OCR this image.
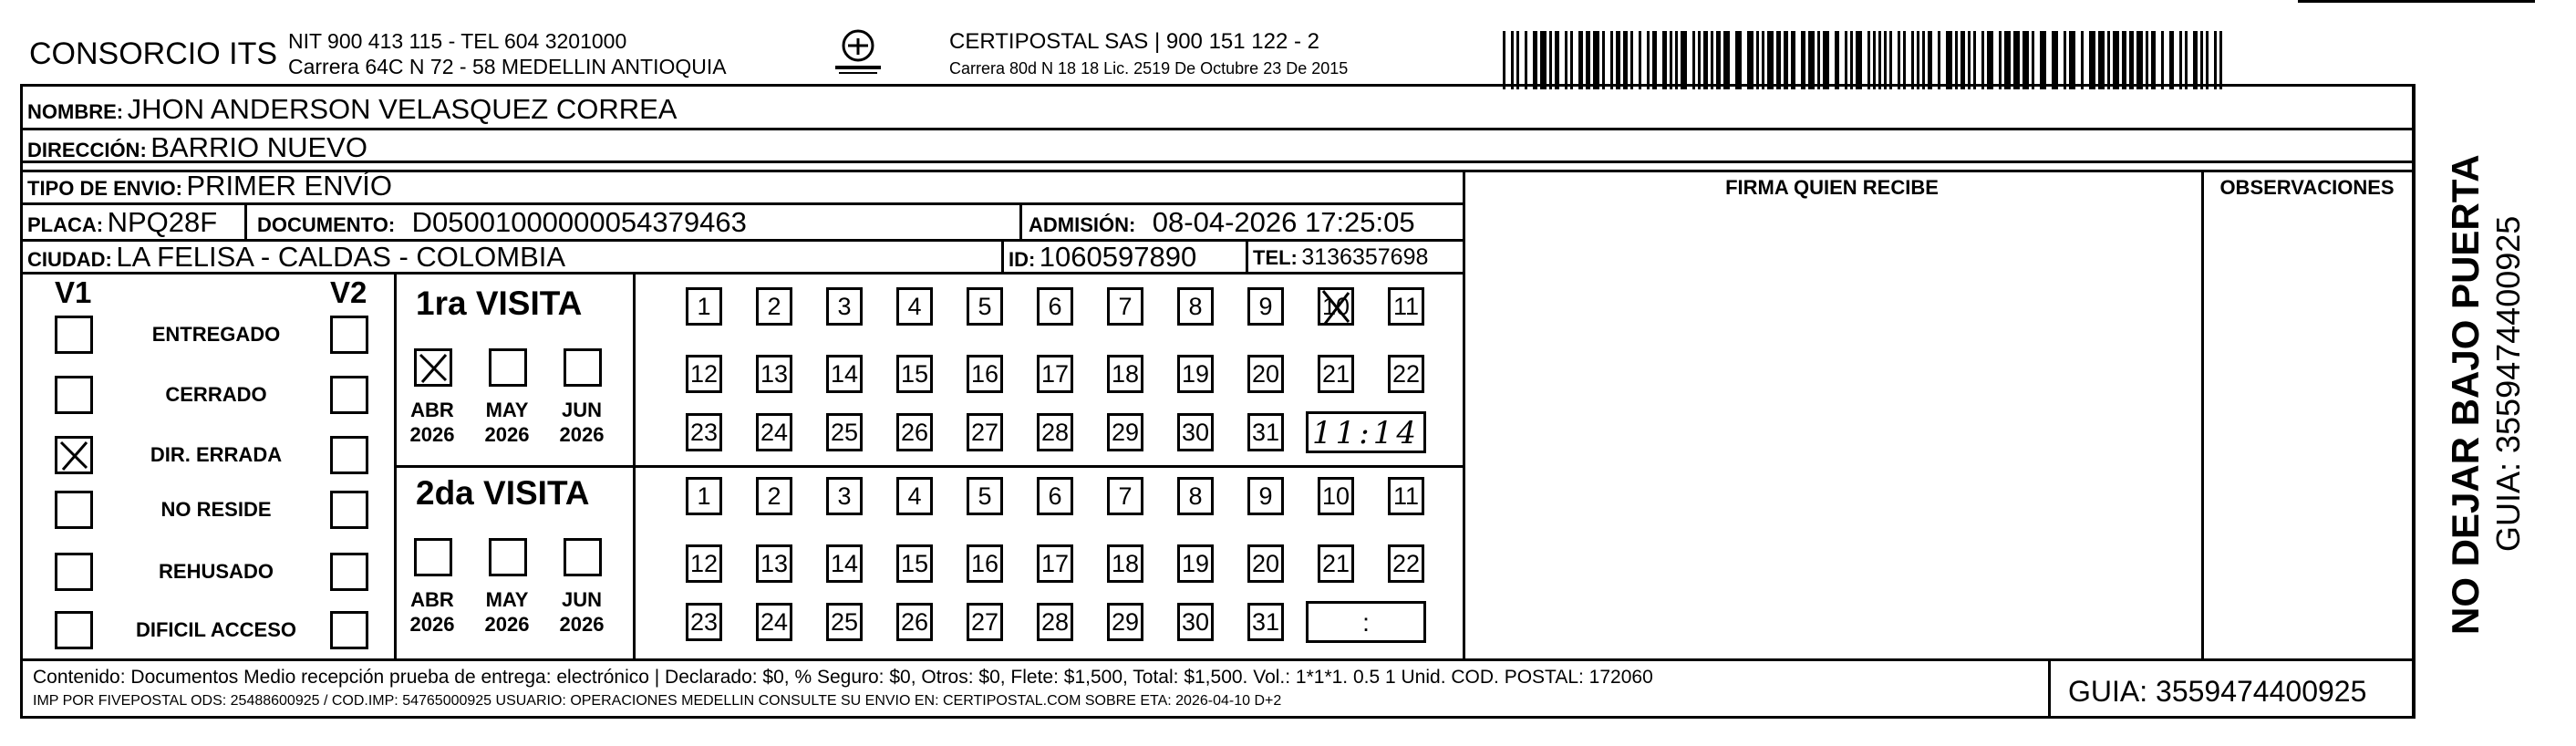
CONSORCIO ITS NIT 900 413 115 - TEL 604 3201000
Carrera 64C N 72 - 58 MEDELLIN ANTIOQUIA
CERTIPOSTAL SAS | 900 151 122 - 2
Carrera 80d N 18 18 Lic. 2519 De Octubre 23 De 2015
NOMBRE: JHON ANDERSON VELASQUEZ CORREA
DIRECCIÓN: BARRIO NUEVO
TIPO DE ENVIO: PRIMER ENVÍO
PLACA: NPQ28F DOCUMENTO: D05001000000054379463	ADMISIÓN: 08-04-2026 17:25:05
CIUDAD: LA FELISA - CALDAS - COLOMBIA	ID: 1060597890	TEL: 3136357698
FIRMA QUIEN RECIBE	OBSERVACIONES
V1	V2
ENTREGADO
CERRADO
DIR. ERRADA
NO RESIDE
REHUSADO
DIFICIL ACCESO
1ra VISITA
ABR
2026
MAY
2026
JUN
2026
1 2 3 4 5 6 7 8 9 10 11
12 13 14 15 16 17 18 19 20 21 22
23 24 25 26 27 28 29 30 31 11:14
2da VISITA
ABR
2026
MAY
2026
JUN
2026
1 2 3 4 5 6 7 8 9 10 11
12 13 14 15 16 17 18 19 20 21 22
23 24 25 26 27 28 29 30 31	:
Contenido: Documentos Medio recepción prueba de entrega: electrónico | Declarado: $0, % Seguro: $0, Otros: $0, Flete: $1,500, Total: $1,500. Vol.: 1*1*1. 0.5 1 Unid. COD. POSTAL: 172060
IMP POR FIVEPOSTAL ODS: 25488600925 / COD.IMP: 54765000925 USUARIO: OPERACIONES MEDELLIN CONSULTE SU ENVIO EN: CERTIPOSTAL.COM SOBRE ETA: 2026-04-10 D+2	GUIA: 3559474400925
NO DEJAR BAJO PUERTA GUIA: 3559474400925
